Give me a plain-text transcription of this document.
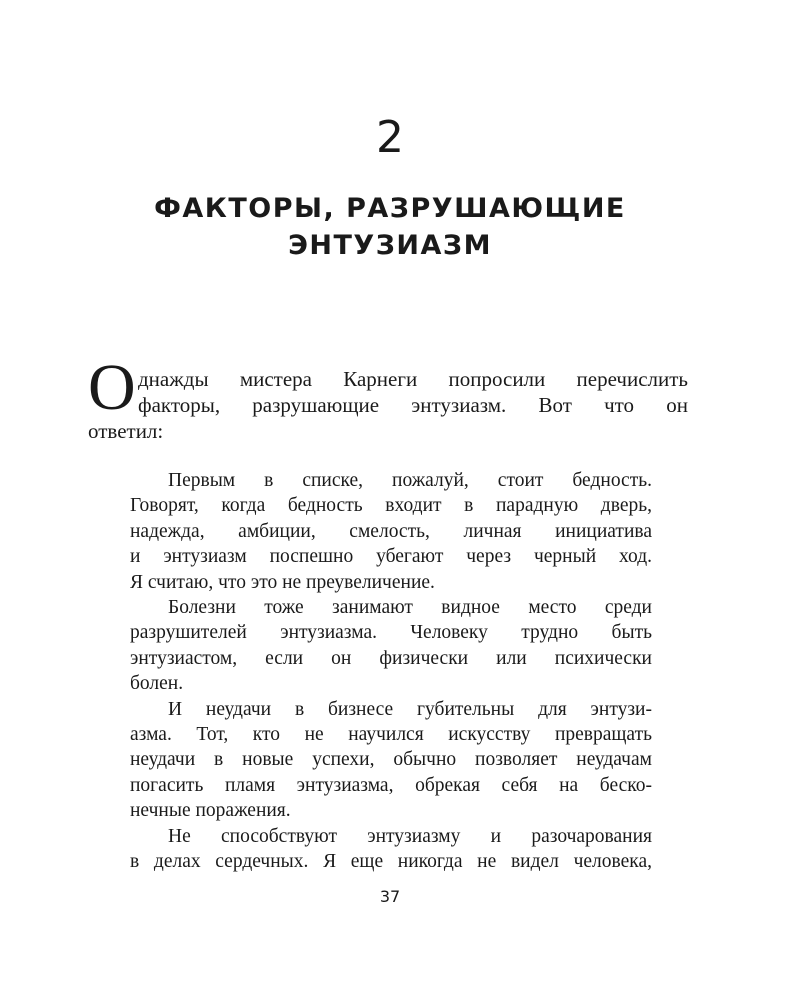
2
ФАКТОРЫ, РАЗРУШАЮЩИЕ
ЭНТУЗИАЗМ
О днажды мистера Карнеги попросили перечислить
факторы, разрушающие энтузиазм. Вот что он
ответил:

Первым в списке, пожалуй, стоит бедность.
Говорят, когда бедность входит в парадную дверь,
надежда, амбиции, смелость, личная инициатива
и энтузиазм поспешно убегают через черный ход.
Я считаю, что это не преувеличение.
Болезни тоже занимают видное место среди
разрушителей энтузиазма. Человеку трудно быть
энтузиастом, если он физически или психически
болен.
И неудачи в бизнесе губительны для энтузи-
азма. Тот, кто не научился искусству превращать
неудачи в новые успехи, обычно позволяет неудачам
погасить пламя энтузиазма, обрекая себя на беско-
нечные поражения.
Не способствуют энтузиазму и разочарования
в делах сердечных. Я еще никогда не видел человека,
37
